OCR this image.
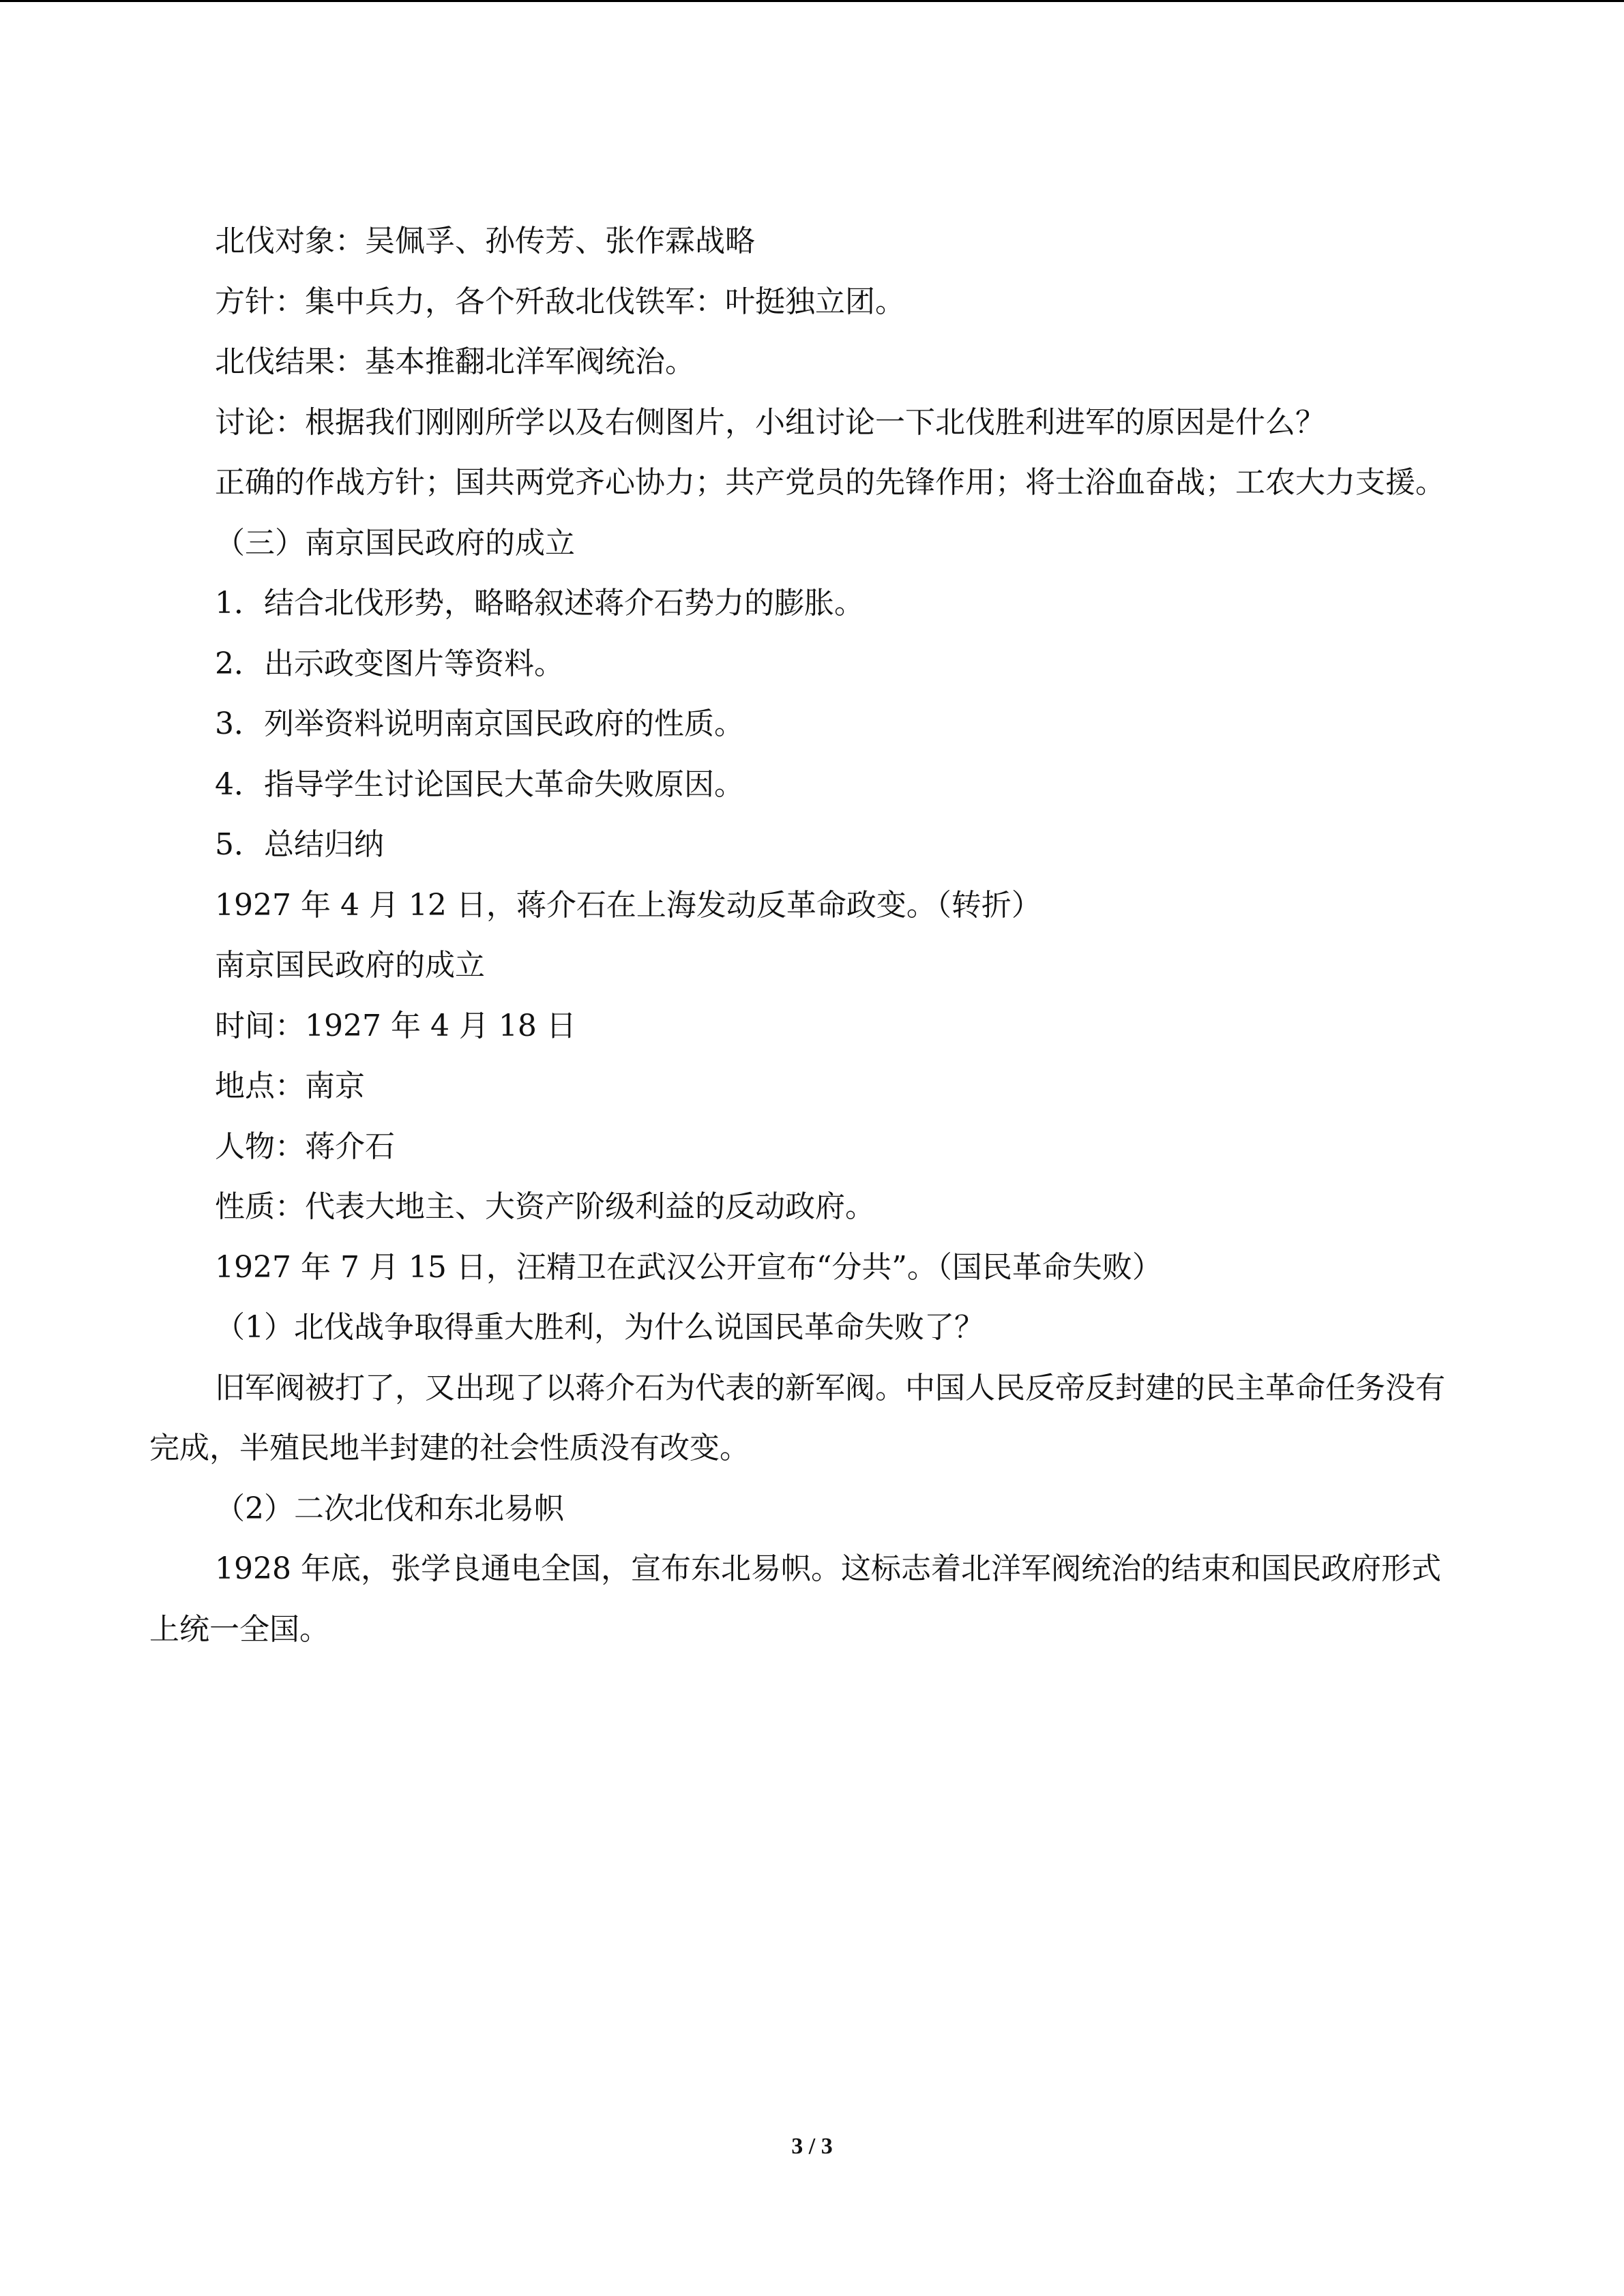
北伐对象：吴佩孚、孙传芳、张作霖战略

方针：集中兵力，各个歼敌北伐铁军：叶挺独立团。

北伐结果：基本推翻北洋军阀统治。

讨论：根据我们刚刚所学以及右侧图片，小组讨论一下北伐胜利进军的原因是什么？

正确的作战方针；国共两党齐心协力；共产党员的先锋作用；将士浴血奋战；工农大力支援。

（三）南京国民政府的成立

1．结合北伐形势，略略叙述蒋介石势力的膨胀。

2．出示政变图片等资料。

3．列举资料说明南京国民政府的性质。

4．指导学生讨论国民大革命失败原因。

5．总结归纳

1927 年 4 月 12 日，蒋介石在上海发动反革命政变。（转折）

南京国民政府的成立

时间：1927 年 4 月 18 日

地点：南京

人物：蒋介石

性质：代表大地主、大资产阶级利益的反动政府。

1927 年 7 月 15 日，汪精卫在武汉公开宣布“分共”。（国民革命失败）

（1）北伐战争取得重大胜利，为什么说国民革命失败了？

旧军阀被打了，又出现了以蒋介石为代表的新军阀。中国人民反帝反封建的民主革命任务没有完成，半殖民地半封建的社会性质没有改变。

（2）二次北伐和东北易帜

1928 年底，张学良通电全国，宣布东北易帜。这标志着北洋军阀统治的结束和国民政府形式上统一全国。

3 / 3
